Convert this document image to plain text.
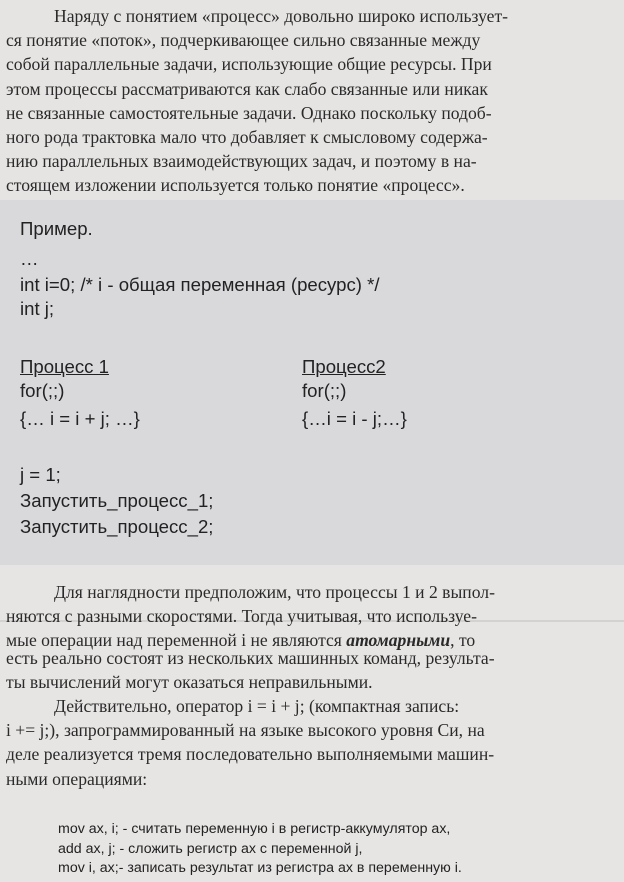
Наряду с понятием «процесс» довольно широко использует-
ся понятие «поток», подчеркивающее сильно связанные между
собой параллельные задачи, использующие общие ресурсы. При
этом процессы рассматриваются как слабо связанные или никак
не связанные самостоятельные задачи. Однако поскольку подоб-
ного рода трактовка мало что добавляет к смысловому содержа-
нию параллельных взаимодействующих задач, и поэтому в на-
стоящем изложении используется только понятие «процесс».
Пример.
…
int i=0; /* i - общая переменная (ресурс) */
int j;
Процесс 1
for(;;)
{… i = i + j; …}
Процесс2
for(;;)
{…i = i - j;…}
j = 1;
Запустить_процесс_1;
Запустить_процесс_2;
Для наглядности предположим, что процессы 1 и 2 выпол-
няются с разными скоростями. Тогда учитывая, что используе-
мые операции над переменной i не являются атомарными, то
есть реально состоят из нескольких машинных команд, результа-
ты вычислений могут оказаться неправильными.
Действительно, оператор i = i + j; (компактная запись:
i += j;), запрограммированный на языке высокого уровня Си, на
деле реализуется тремя последовательно выполняемыми машин-
ными операциями:
mov ax, i; - считать переменную i в регистр-аккумулятор ax,
add ax, j; - сложить регистр ax с переменной j,
mov i, ax;- записать результат из регистра ax в переменную i.
